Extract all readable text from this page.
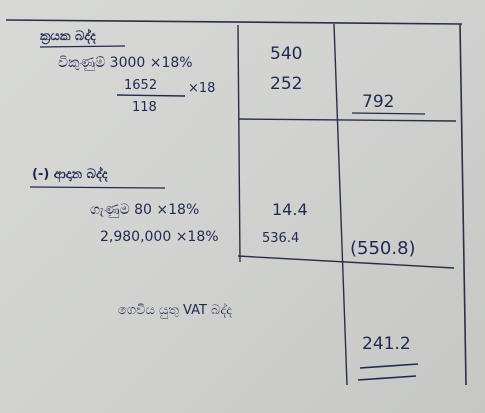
ක්‍රයක බද්ද
විකුණුම් 3000 ×18%
1652 ×18
118
540
252
792
(-) ආදාන බද්ද
ගැණුම 80 ×18%
2,980,000 ×18%
14.4
536.4	(550.8)
ගෙවිය යුතු VAT බද්ද
241.2
